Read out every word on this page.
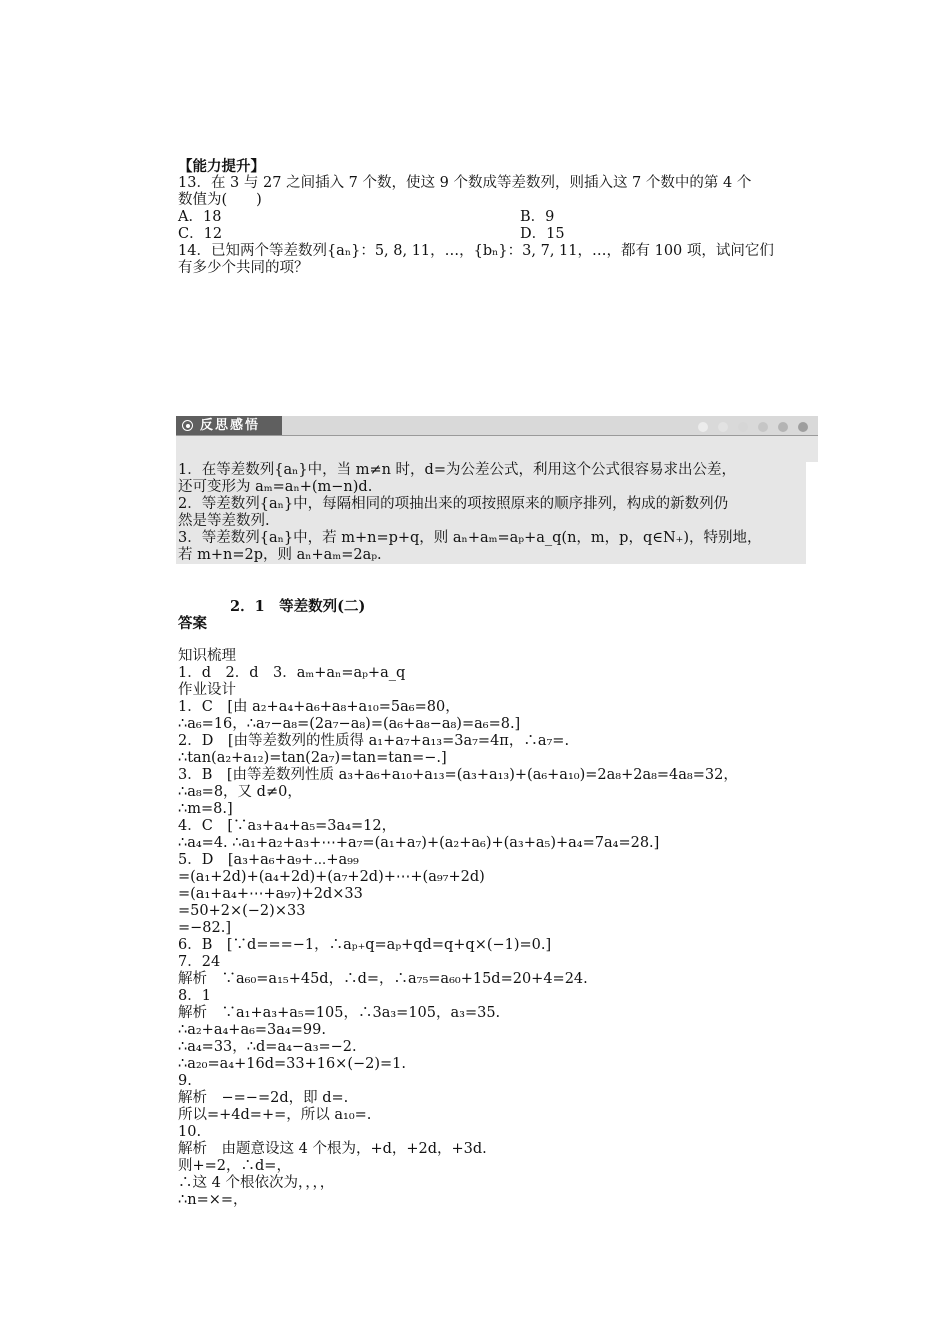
【能力提升】
13．在 3 与 27 之间插入 7 个数，使这 9 个数成等差数列，则插入这 7 个数中的第 4 个
数值为(　　)
A．18	B．9
C．12	D．15
14．已知两个等差数列{aₙ}：5, 8, 11，…，{bₙ}：3, 7, 11，…，都有 100 项，试问它们
有多少个共同的项？
反思感悟
1．在等差数列{aₙ}中，当 m≠n 时，d=为公差公式，利用这个公式很容易求出公差，
还可变形为 aₘ=aₙ+(m−n)d.
2．等差数列{aₙ}中，每隔相同的项抽出来的项按照原来的顺序排列，构成的新数列仍
然是等差数列.
3．等差数列{aₙ}中，若 m+n=p+q，则 aₙ+aₘ=aₚ+a_q(n，m，p，q∈N₊)，特别地，
若 m+n=2p，则 aₙ+aₘ=2aₚ.
2．1　等差数列(二)
答案
知识梳理
1．d　2．d　3．aₘ+aₙ=aₚ+a_q
作业设计
1．C　[由 a₂+a₄+a₆+a₈+a₁₀=5a₆=80，
∴a₆=16，∴a₇−a₈=(2a₇−a₈)=(a₆+a₈−a₈)=a₆=8.]
2．D　[由等差数列的性质得 a₁+a₇+a₁₃=3a₇=4π，∴a₇=.
∴tan(a₂+a₁₂)=tan(2a₇)=tan=tan=−.]
3．B　[由等差数列性质 a₃+a₆+a₁₀+a₁₃=(a₃+a₁₃)+(a₆+a₁₀)=2a₈+2a₈=4a₈=32，
∴a₈=8，又 d≠0，
∴m=8.]
4．C　[∵a₃+a₄+a₅=3a₄=12，
∴a₄=4. ∴a₁+a₂+a₃+⋯+a₇=(a₁+a₇)+(a₂+a₆)+(a₃+a₅)+a₄=7a₄=28.]
5．D　[a₃+a₆+a₉+⋯+a₉₉
=(a₁+2d)+(a₄+2d)+(a₇+2d)+⋯+(a₉₇+2d)
=(a₁+a₄+⋯+a₉₇)+2d×33
=50+2×(−2)×33
=−82.]
6．B　[∵d===−1，∴aₚ₊q=aₚ+qd=q+q×(−1)=0.]
7．24
解析　∵a₆₀=a₁₅+45d，∴d=，∴a₇₅=a₆₀+15d=20+4=24.
8．1
解析　∵a₁+a₃+a₅=105，∴3a₃=105，a₃=35.
∴a₂+a₄+a₆=3a₄=99.
∴a₄=33，∴d=a₄−a₃=−2.
∴a₂₀=a₄+16d=33+16×(−2)=1.
9.
解析　−=−=2d，即 d=.
所以=+4d=+=，所以 a₁₀=.
10.
解析　由题意设这 4 个根为，+d，+2d，+3d.
则+=2，∴d=，
∴这 4 个根依次为，，，，
∴n=×=，
